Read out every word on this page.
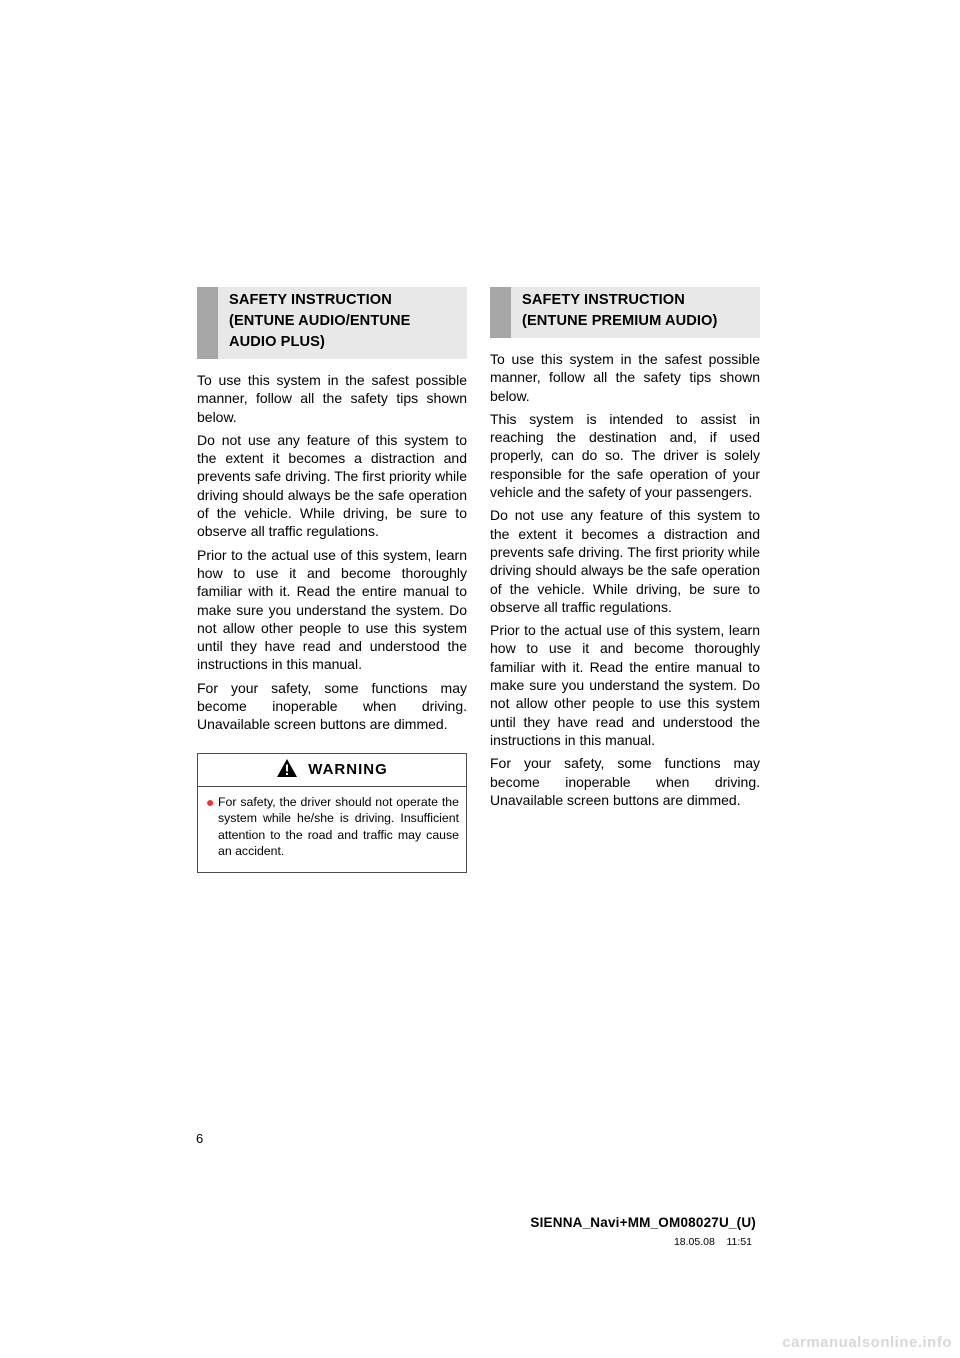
SAFETY INSTRUCTION
(ENTUNE AUDIO/ENTUNE
AUDIO PLUS)

To use this system in the safest possible manner, follow all the safety tips shown below.

Do not use any feature of this system to the extent it becomes a distraction and prevents safe driving. The first priority while driving should always be the safe operation of the vehicle. While driving, be sure to observe all traffic regulations.

Prior to the actual use of this system, learn how to use it and become thoroughly familiar with it. Read the entire manual to make sure you understand the system. Do not allow other people to use this system until they have read and understood the instructions in this manual.

For your safety, some functions may become inoperable when driving. Unavailable screen buttons are dimmed.

WARNING
● For safety, the driver should not operate the system while he/she is driving. Insufficient attention to the road and traffic may cause an accident.

SAFETY INSTRUCTION
(ENTUNE PREMIUM AUDIO)

To use this system in the safest possible manner, follow all the safety tips shown below.

This system is intended to assist in reaching the destination and, if used properly, can do so. The driver is solely responsible for the safe operation of your vehicle and the safety of your passengers.

Do not use any feature of this system to the extent it becomes a distraction and prevents safe driving. The first priority while driving should always be the safe operation of the vehicle. While driving, be sure to observe all traffic regulations.

Prior to the actual use of this system, learn how to use it and become thoroughly familiar with it. Read the entire manual to make sure you understand the system. Do not allow other people to use this system until they have read and understood the instructions in this manual.

For your safety, some functions may become inoperable when driving. Unavailable screen buttons are dimmed.

6
SIENNA_Navi+MM_OM08027U_(U)
18.05.08 11:51
carmanualsonline.info
